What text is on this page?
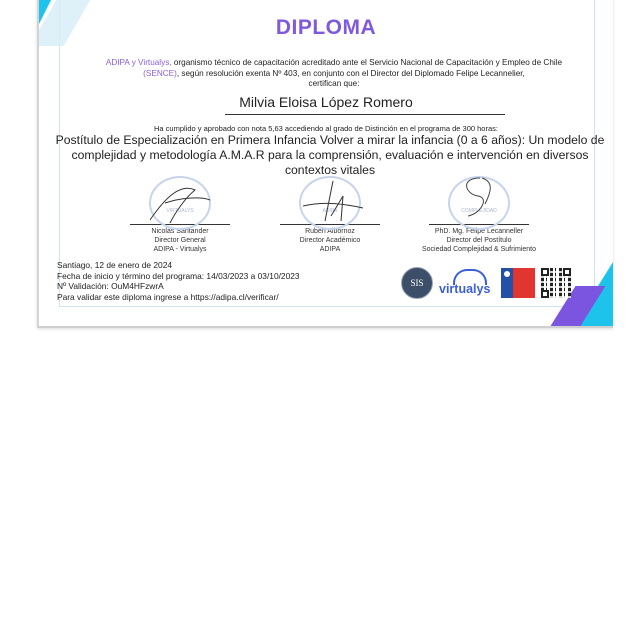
DIPLOMA
ADIPA y Virtualys, organismo técnico de capacitación acreditado ante el Servicio Nacional de Capacitación y Empleo de Chile (SENCE), según resolución exenta Nº 403, en conjunto con el Director del Diplomado Felipe Lecannelier,
certifican que:
Milvia Eloisa López Romero
Ha cumplido y aprobado con nota 5,63 accediendo al grado de Distinción en el programa de 300 horas:
Postítulo de Especialización en Primera Infancia Volver a mirar la infancia (0 a 6 años): Un modelo de complejidad y metodología A.M.A.R para la comprensión, evaluación e intervención en diversos contextos vitales
VIRTUALYS
Nicolás Santander
Director General
ADIPA - Virtualys
ADIPA
Rubén Albornoz
Director Académico
ADIPA
COMPLEJIDAD
PhD. Mg. Felipe Lecanneller
Director del Postítulo
Sociedad Complejidad & Sufrimiento
Santiago, 12 de enero de 2024
Fecha de inicio y término del programa: 14/03/2023 a 03/10/2023
Nº Validación: OuM4HFzwrA
Para validar este diploma ingrese a https://adipa.cl/verificar/
SIS	virtualys
